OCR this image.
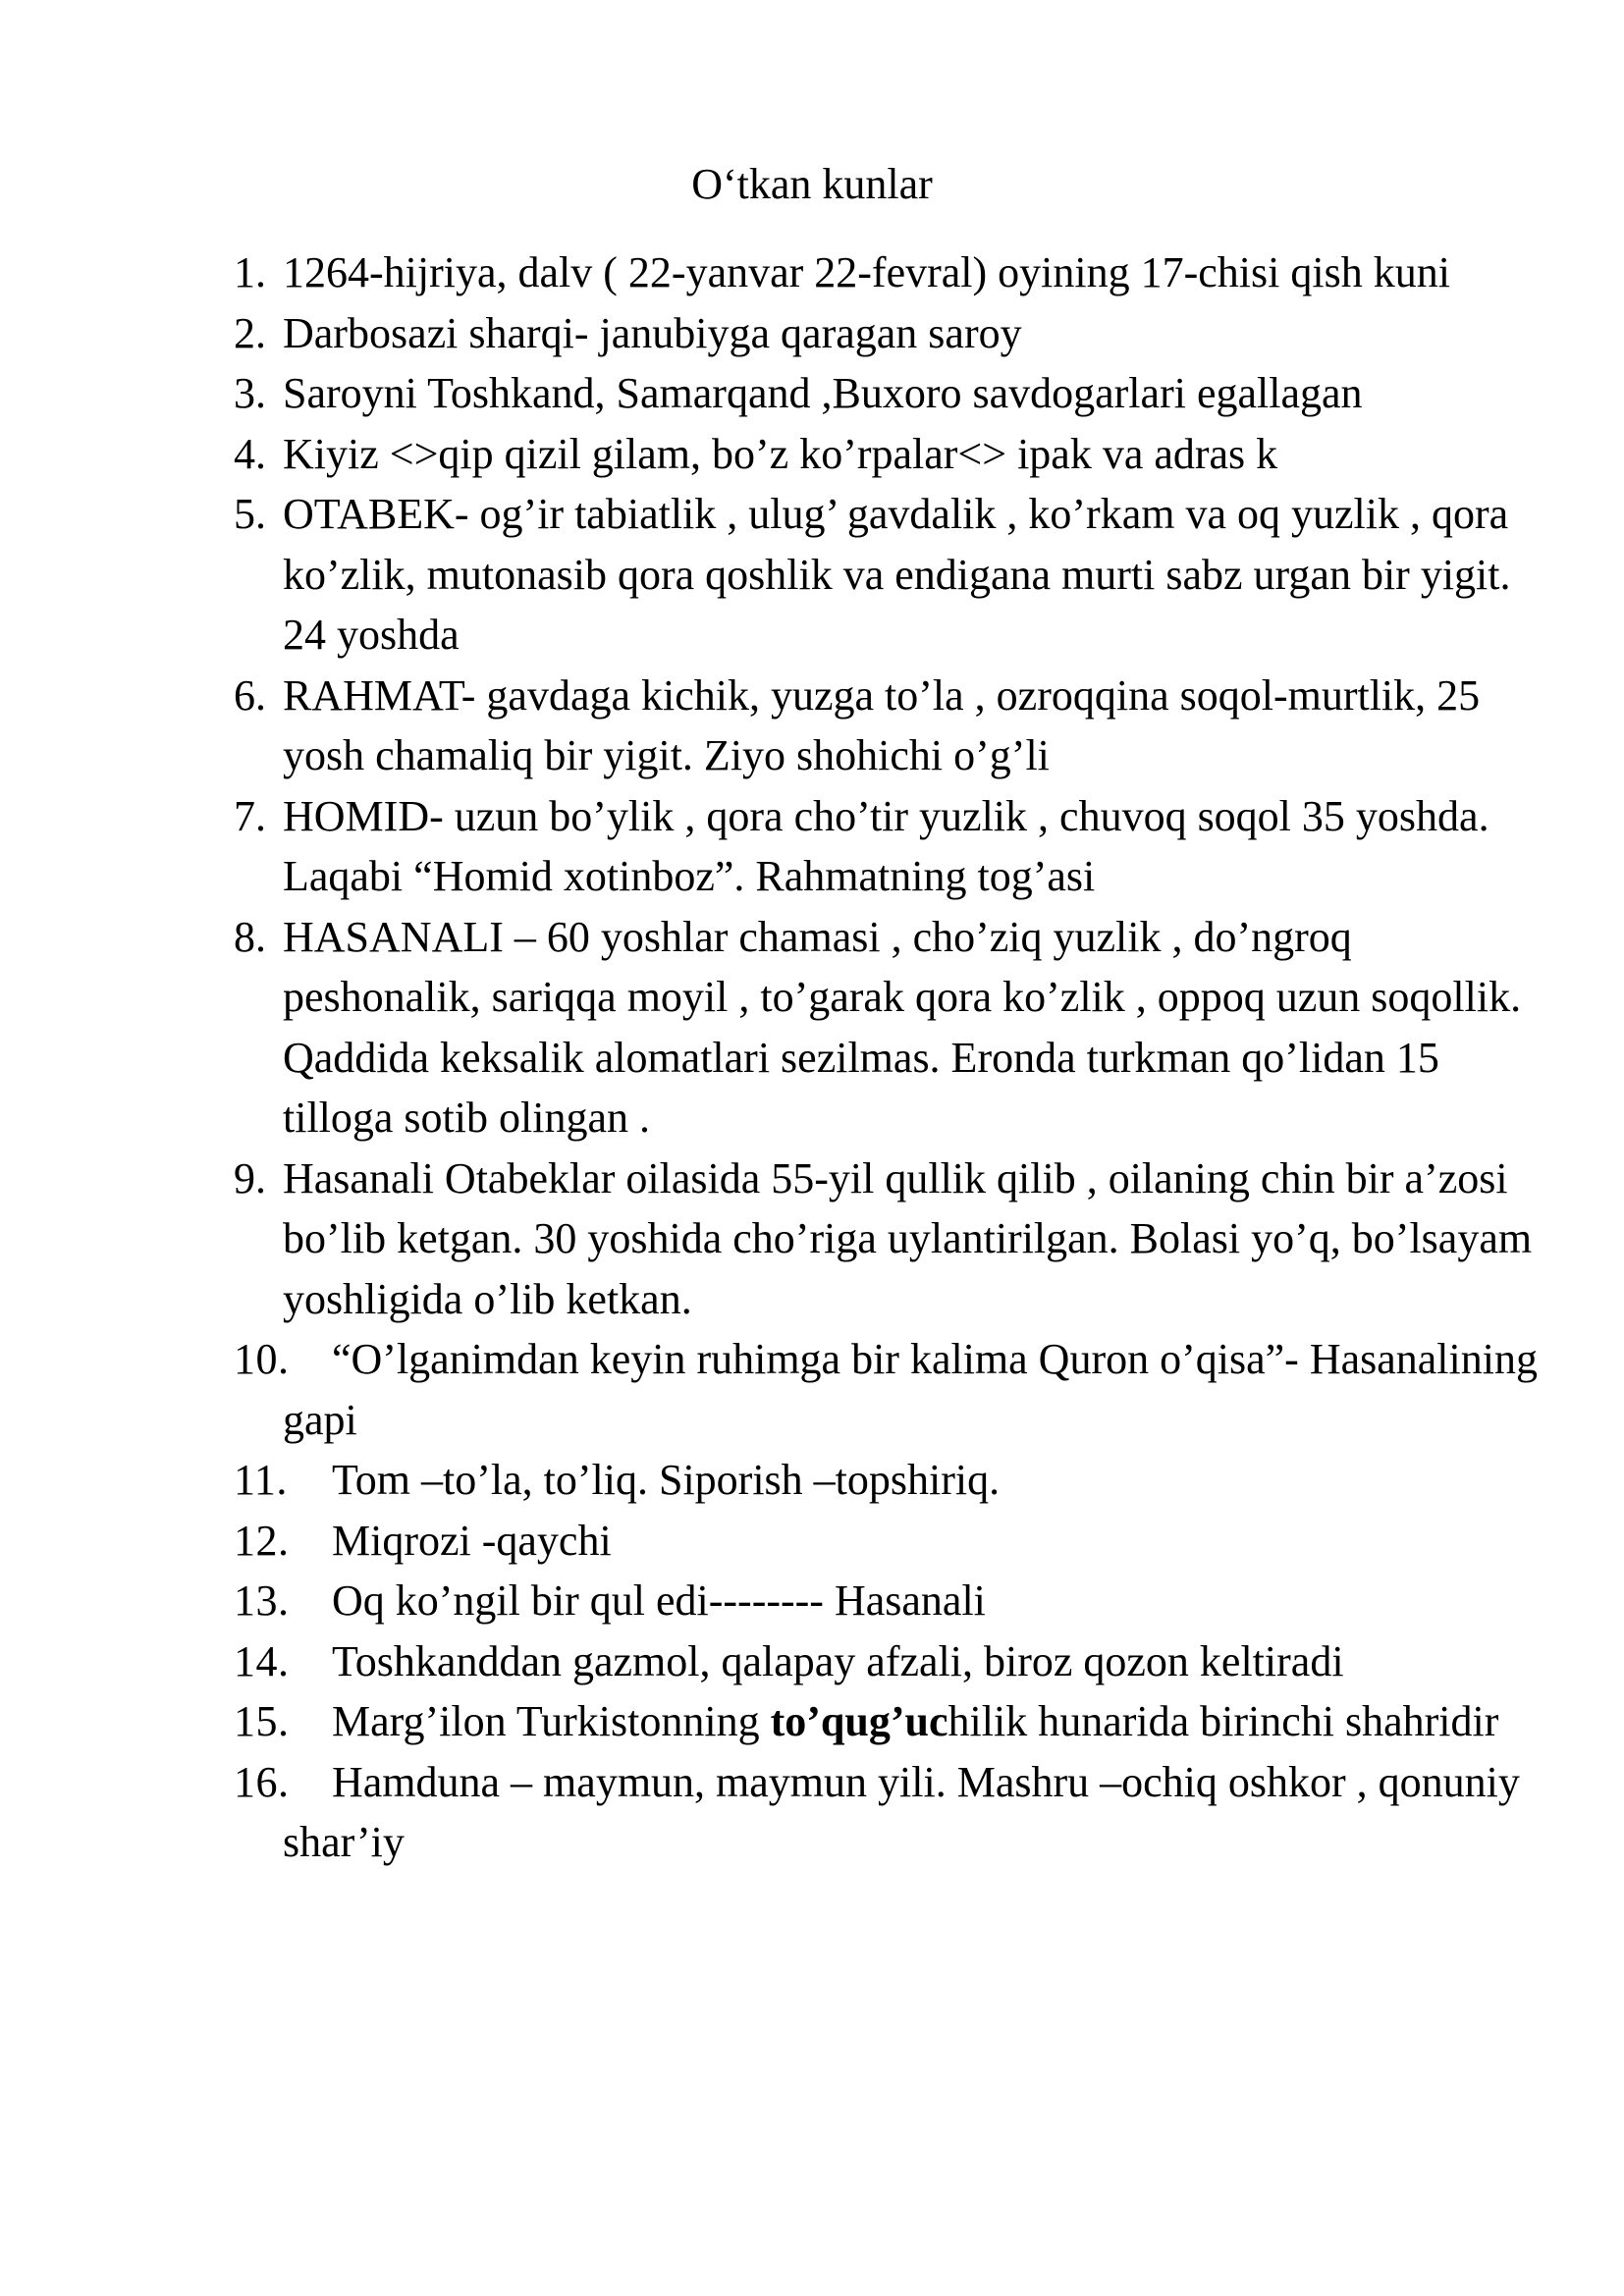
O‘tkan kunlar
1. 1264-hijriya, dalv ( 22-yanvar 22-fevral) oyining 17-chisi qish kuni
2. Darbosazi sharqi- janubiyga qaragan saroy
3. Saroyni Toshkand, Samarqand ,Buxoro savdogarlari egallagan
4. Kiyiz <>qip qizil gilam, bo’z ko’rpalar<> ipak va adras k
5. OTABEK- og’ir tabiatlik , ulug’ gavdalik , ko’rkam va oq yuzlik , qora ko’zlik, mutonasib qora qoshlik va endigana murti sabz urgan bir yigit. 24 yoshda
6. RAHMAT- gavdaga kichik, yuzga to’la , ozroqqina soqol-murtlik, 25 yosh chamaliq bir yigit. Ziyo shohichi o’g’li
7. HOMID- uzun bo’ylik , qora cho’tir yuzlik , chuvoq soqol 35 yoshda. Laqabi “Homid xotinboz”. Rahmatning tog’asi
8. HASANALI – 60 yoshlar chamasi , cho’ziq yuzlik , do’ngroq peshonalik, sariqqa moyil , to’garak qora ko’zlik , oppoq uzun soqollik. Qaddida keksalik alomatlari sezilmas. Eronda turkman qo’lidan 15 tilloga sotib olingan .
9. Hasanali Otabeklar oilasida 55-yil qullik qilib , oilaning chin bir a’zosi bo’lib ketgan. 30 yoshida cho’riga uylantirilgan. Bolasi yo’q, bo’lsayam yoshligida o’lib ketkan.
10. “O’lganimdan keyin ruhimga bir kalima Quron o’qisa”- Hasanalining gapi
11.	Tom –to’la, to’liq. Siporish –topshiriq.
12. Miqrozi -qaychi
13. Oq ko’ngil bir qul edi-------- Hasanali
14. Toshkanddan gazmol, qalapay afzali, biroz qozon keltiradi
15. Marg’ilon Turkistonning to’qug’uchilik hunarida birinchi shahridir
16. Hamduna – maymun, maymun yili. Mashru –ochiq oshkor , qonuniy shar’iy
